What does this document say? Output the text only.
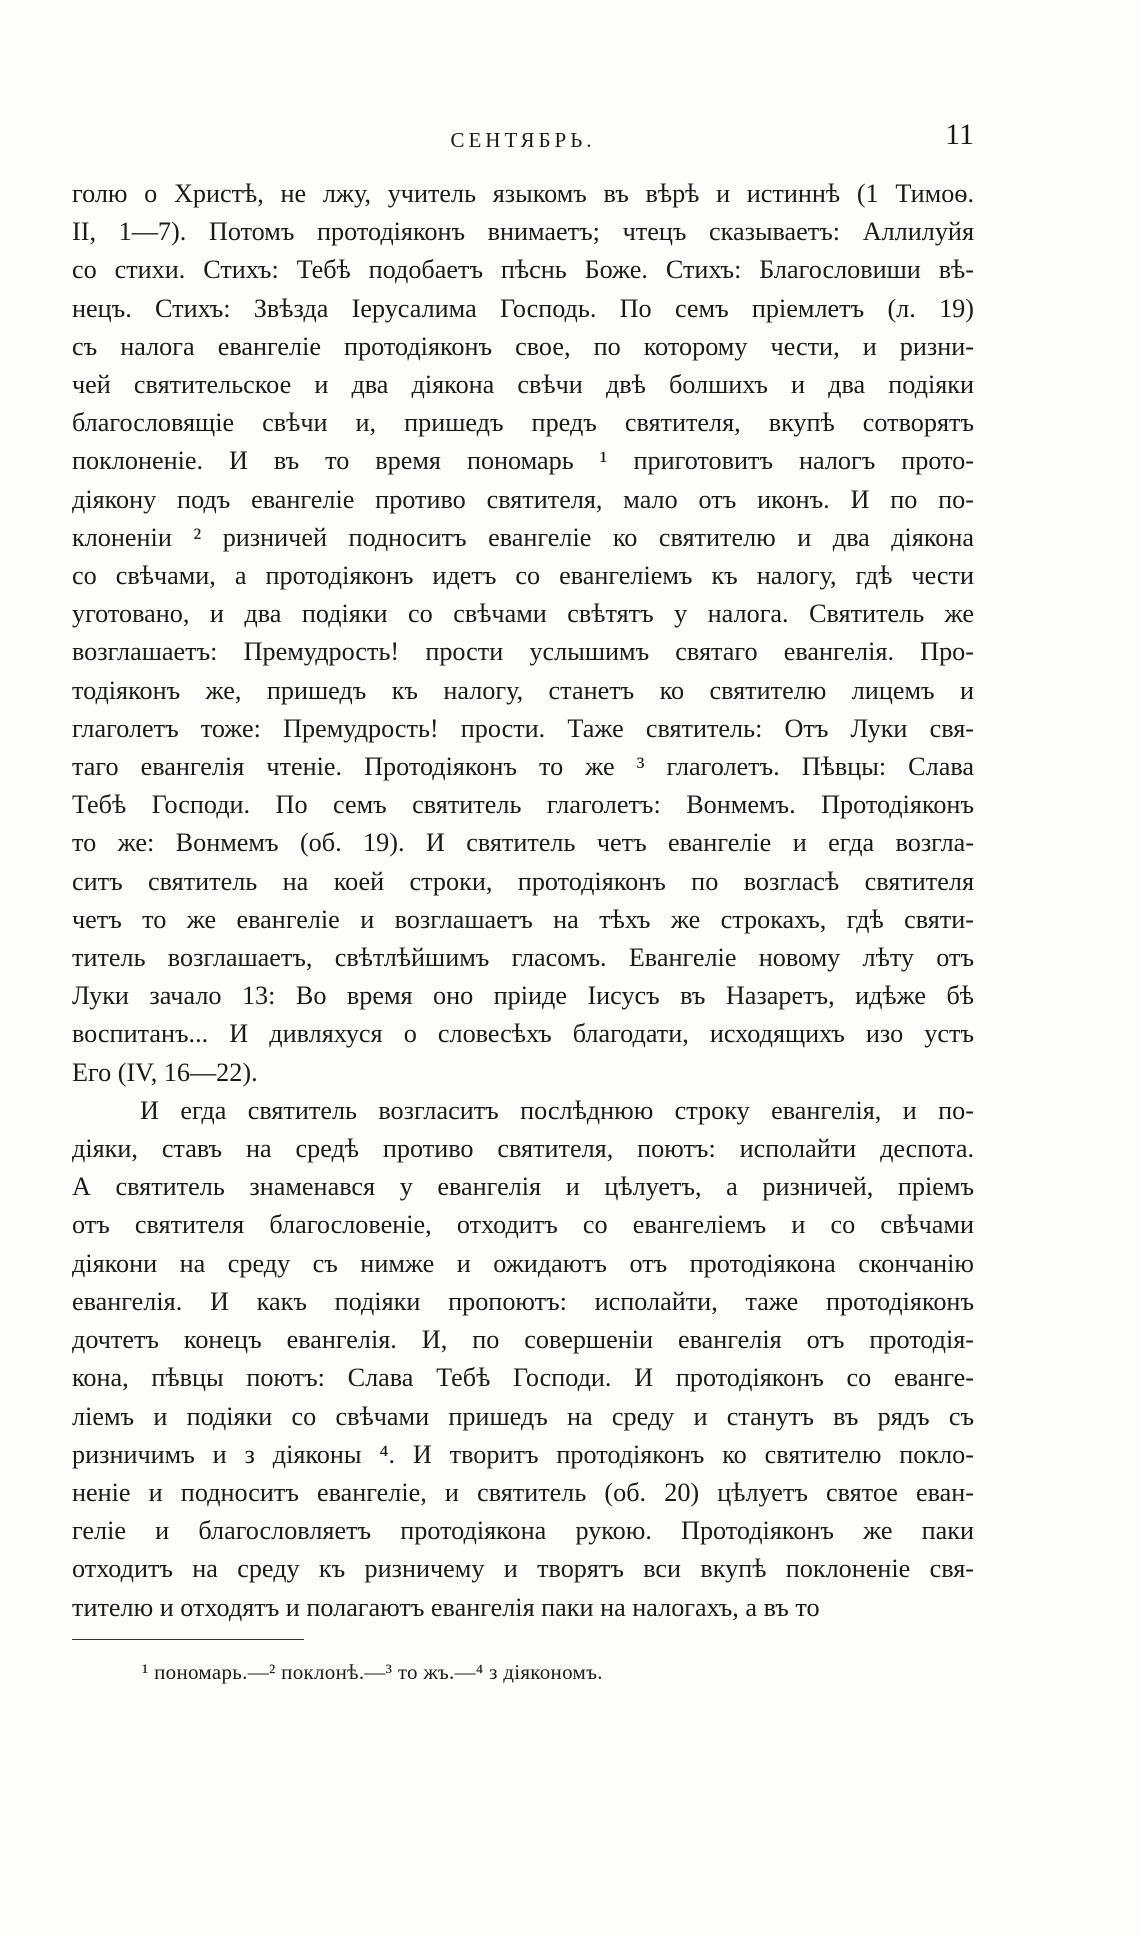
СЕНТЯБРЬ.	11
голю о Христѣ, не лжу, учитель языкомъ въ вѣрѣ и истиннѣ (1 Тимоѳ.
II, 1—7). Потомъ протодіяконъ внимаетъ; чтецъ сказываетъ: Аллилуйя
со стихи. Стихъ: Тебѣ подобаетъ пѣснь Боже. Стихъ: Благословиши вѣ-
нецъ. Стихъ: Звѣзда Іерусалима Господь. По семъ пріемлетъ (л. 19)
съ налога евангеліе протодіяконъ свое, по которому чести, и ризни-
чей святительское и два діякона свѣчи двѣ болшихъ и два подіяки
благословящіе свѣчи и, пришедъ предъ святителя, вкупѣ сотворятъ
поклоненіе. И въ то время пономарь ¹ приготовитъ налогъ прото-
діякону подъ евангеліе противо святителя, мало отъ иконъ. И по по-
клоненіи ² ризничей подноситъ евангеліе ко святителю и два діякона
со свѣчами, а протодіяконъ идетъ со евангеліемъ къ налогу, гдѣ чести
уготовано, и два подіяки со свѣчами свѣтятъ у налога. Святитель же
возглашаетъ: Премудрость! прости услышимъ святаго евангелія. Про-
тодіяконъ же, пришедъ къ налогу, станетъ ко святителю лицемъ и
глаголетъ тоже: Премудрость! прости. Таже святитель: Отъ Луки свя-
таго евангелія чтеніе. Протодіяконъ то же ³ глаголетъ. Пѣвцы: Слава
Тебѣ Господи. По семъ святитель глаголетъ: Вонмемъ. Протодіяконъ
то же: Вонмемъ (об. 19). И святитель четъ евангеліе и егда возгла-
ситъ святитель на коей строки, протодіяконъ по возгласѣ святителя
четъ то же евангеліе и возглашаетъ на тѣхъ же строкахъ, гдѣ святи-
титель возглашаетъ, свѣтлѣйшимъ гласомъ. Евангеліе новому лѣту отъ
Луки зачало 13: Во время оно пріиде Іисусъ въ Назаретъ, идѣже бѣ
воспитанъ... И дивляхуся о словесѣхъ благодати, исходящихъ изо устъ
Его (IV, 16—22).
И егда святитель возгласитъ послѣднюю строку евангелія, и по-
діяки, ставъ на средѣ противо святителя, поютъ: исполайти деспота.
А святитель знаменався у евангелія и цѣлуетъ, а ризничей, пріемъ
отъ святителя благословеніе, отходитъ со евангеліемъ и со свѣчами
діякони на среду съ нимже и ожидаютъ отъ протодіякона скончанію
евангелія. И какъ подіяки пропоютъ: исполайти, таже протодіяконъ
дочтетъ конецъ евангелія. И, по совершеніи евангелія отъ протодія-
кона, пѣвцы поютъ: Слава Тебѣ Господи. И протодіяконъ со еванге-
ліемъ и подіяки со свѣчами пришедъ на среду и станутъ въ рядъ съ
ризничимъ и з діяконы ⁴. И творитъ протодіяконъ ко святителю покло-
неніе и подноситъ евангеліе, и святитель (об. 20) цѣлуетъ святое еван-
геліе и благословляетъ протодіякона рукою. Протодіяконъ же паки
отходитъ на среду къ ризничему и творятъ вси вкупѣ поклоненіе свя-
тителю и отходятъ и полагаютъ евангелія паки на налогахъ, а въ то
¹ пономарь.—² поклонѣ.—³ то жъ.—⁴ з діякономъ.
